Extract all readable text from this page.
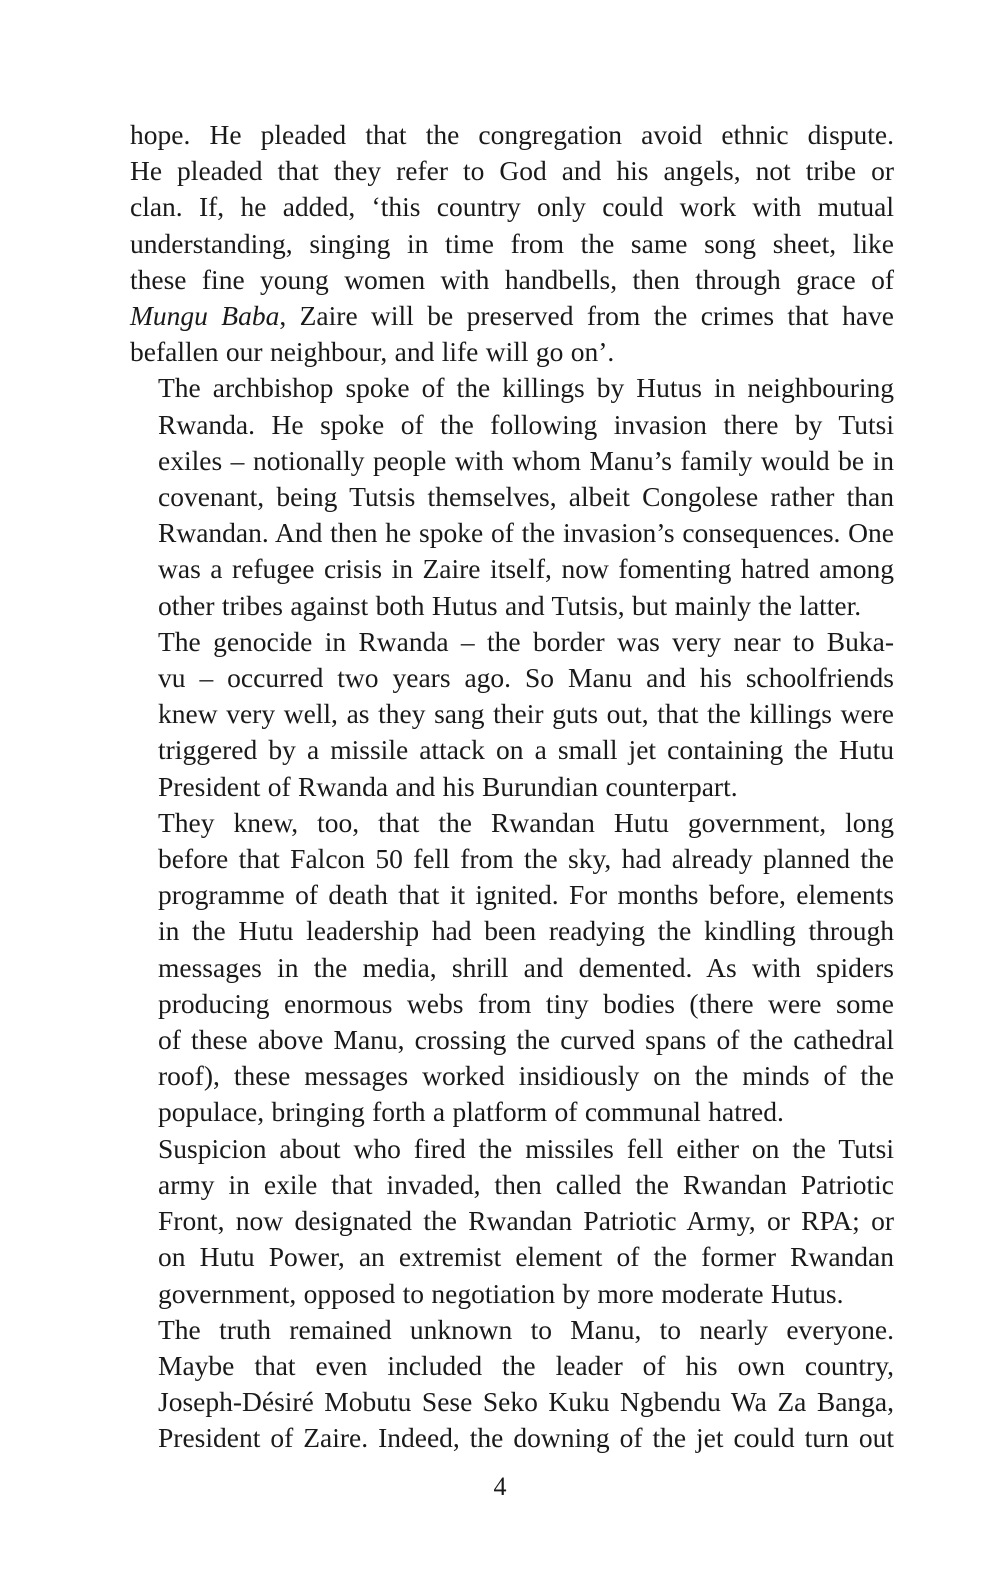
hope. He pleaded that the congregation avoid ethnic dispute.
He pleaded that they refer to God and his angels, not tribe or
clan. If, he added, ‘this country only could work with mutual
understanding, singing in time from the same song sheet, like
these fine young women with handbells, then through grace of
Mungu Baba, Zaire will be preserved from the crimes that have
befallen our neighbour, and life will go on’.

The archbishop spoke of the killings by Hutus in neighbouring
Rwanda. He spoke of the following invasion there by Tutsi
exiles – notionally people with whom Manu’s family would be in
covenant, being Tutsis themselves, albeit Congolese rather than
Rwandan. And then he spoke of the invasion’s consequences. One
was a refugee crisis in Zaire itself, now fomenting hatred among
other tribes against both Hutus and Tutsis, but mainly the latter.

The genocide in Rwanda – the border was very near to Buka-
vu – occurred two years ago. So Manu and his schoolfriends
knew very well, as they sang their guts out, that the killings were
triggered by a missile attack on a small jet containing the Hutu
President of Rwanda and his Burundian counterpart.

They knew, too, that the Rwandan Hutu government, long
before that Falcon 50 fell from the sky, had already planned the
programme of death that it ignited. For months before, elements
in the Hutu leadership had been readying the kindling through
messages in the media, shrill and demented. As with spiders
producing enormous webs from tiny bodies (there were some
of these above Manu, crossing the curved spans of the cathedral
roof), these messages worked insidiously on the minds of the
populace, bringing forth a platform of communal hatred.

Suspicion about who fired the missiles fell either on the Tutsi
army in exile that invaded, then called the Rwandan Patriotic
Front, now designated the Rwandan Patriotic Army, or RPA; or
on Hutu Power, an extremist element of the former Rwandan
government, opposed to negotiation by more moderate Hutus.

The truth remained unknown to Manu, to nearly everyone.
Maybe that even included the leader of his own country,
Joseph-Désiré Mobutu Sese Seko Kuku Ngbendu Wa Za Banga,
President of Zaire. Indeed, the downing of the jet could turn out

4
